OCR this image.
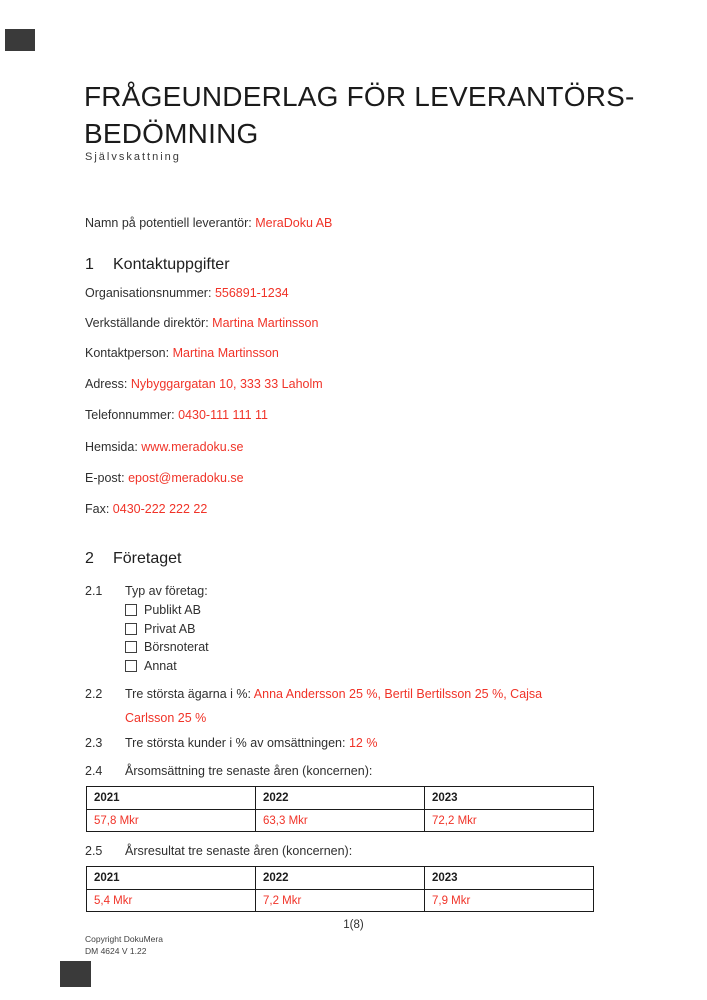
FRÅGEUNDERLAG FÖR LEVERANTÖRS-
BEDÖMNING
Självskattning
Namn på potentiell leverantör: MeraDoku AB
1 Kontaktuppgifter
Organisationsnummer: 556891-1234
Verkställande direktör: Martina Martinsson
Kontaktperson: Martina Martinsson
Adress: Nybyggargatan 10, 333 33 Laholm
Telefonnummer: 0430-111 111 11
Hemsida: www.meradoku.se
E-post: epost@meradoku.se
Fax: 0430-222 222 22
2 Företaget
2.1 Typ av företag:
Publikt AB
Privat AB
Börsnoterat
Annat
2.2 Tre största ägarna i %: Anna Andersson 25 %, Bertil Bertilsson 25 %, Cajsa Carlsson 25 %
2.3 Tre största kunder i % av omsättningen: 12 %
2.4 Årsomsättning tre senaste åren (koncernen):
2021	2022	2023
57,8 Mkr	63,3 Mkr	72,2 Mkr
2.5 Årsresultat tre senaste åren (koncernen):
2021	2022	2023
5,4 Mkr	7,2 Mkr	7,9 Mkr
1(8)
Copyright DokuMera
DM 4624 V 1.22
